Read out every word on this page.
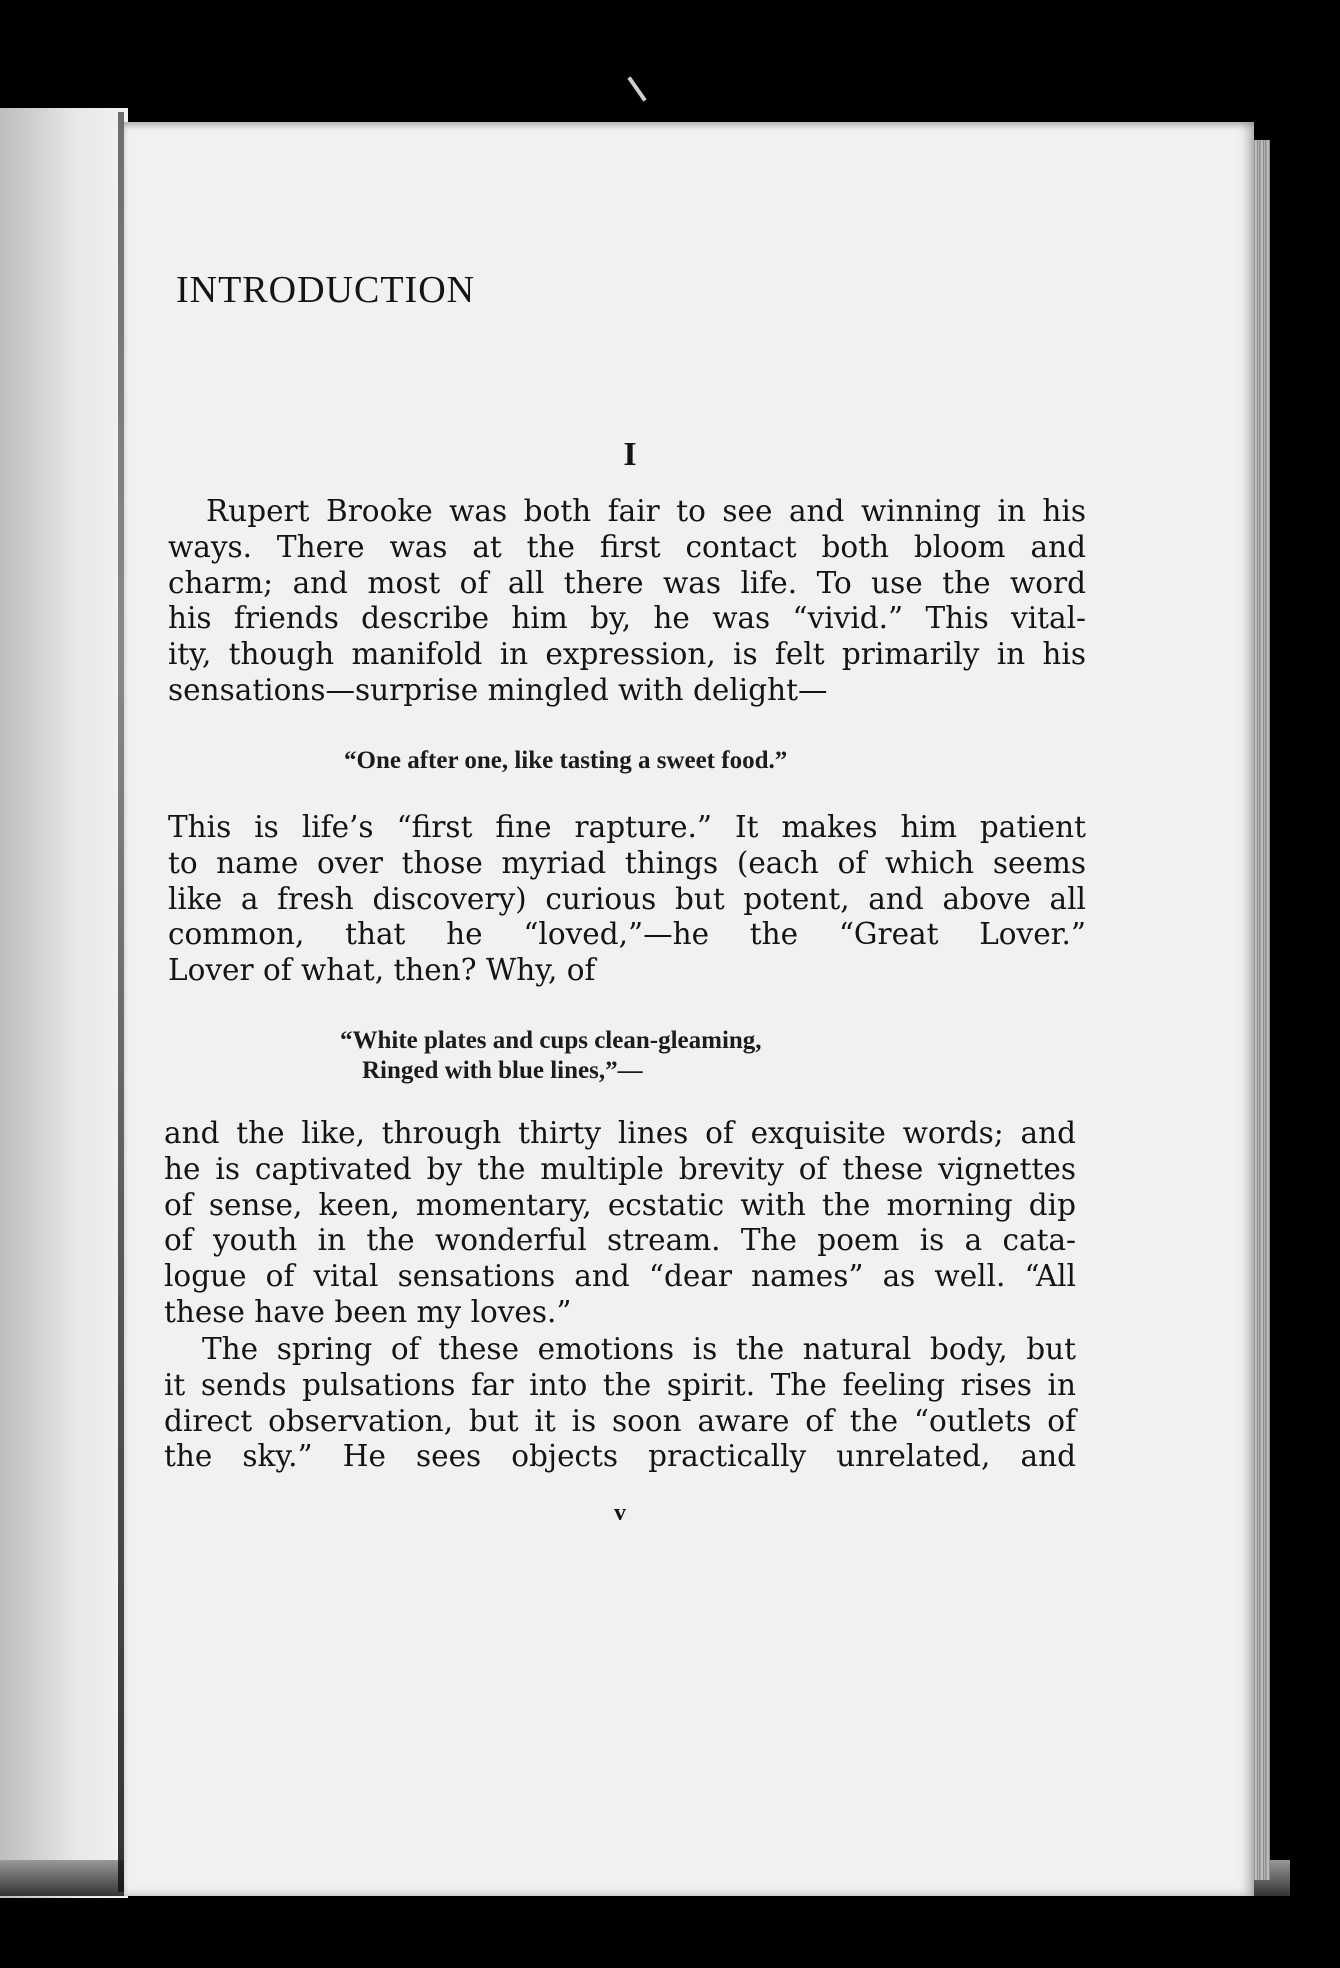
INTRODUCTION
I
Rupert Brooke was both fair to see and winning in his
ways. There was at the first contact both bloom and
charm; and most of all there was life. To use the word
his friends describe him by, he was “vivid.” This vital-
ity, though manifold in expression, is felt primarily in his
sensations—surprise mingled with delight—

“One after one, like tasting a sweet food.”

This is life’s “first fine rapture.” It makes him patient
to name over those myriad things (each of which seems
like a fresh discovery) curious but potent, and above all
common, that he “loved,”—he the “Great Lover.”
Lover of what, then? Why, of
“White plates and cups clean-gleaming,
Ringed with blue lines,”—
and the like, through thirty lines of exquisite words; and
he is captivated by the multiple brevity of these vignettes
of sense, keen, momentary, ecstatic with the morning dip
of youth in the wonderful stream. The poem is a cata-
logue of vital sensations and “dear names” as well. “All
these have been my loves.”
The spring of these emotions is the natural body, but
it sends pulsations far into the spirit. The feeling rises in
direct observation, but it is soon aware of the “outlets of
the sky.” He sees objects practically unrelated, and
v
